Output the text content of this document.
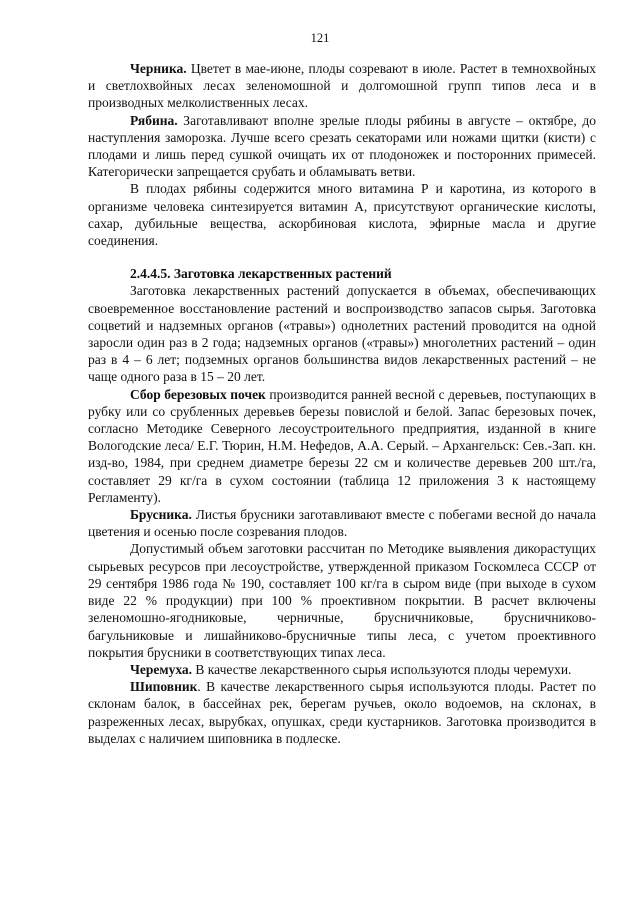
121

Черника. Цветет в мае-июне, плоды созревают в июле. Растет в темнохвойных и светлохвойных лесах зеленомошной и долгомошной групп типов леса и в производных мелколиственных лесах.

Рябина. Заготавливают вполне зрелые плоды рябины в августе – октябре, до наступления заморозка. Лучше всего срезать секаторами или ножами щитки (кисти) с плодами и лишь перед сушкой очищать их от плодоножек и посторонних примесей. Категорически запрещается срубать и обламывать ветви.

В плодах рябины содержится много витамина Р и каротина, из которого в организме человека синтезируется витамин А, присутствуют органические кислоты, сахар, дубильные вещества, аскорбиновая кислота, эфирные масла и другие соединения.

2.4.4.5. Заготовка лекарственных растений

Заготовка лекарственных растений допускается в объемах, обеспечивающих своевременное восстановление растений и воспроизводство запасов сырья. Заготовка соцветий и надземных органов («травы») однолетних растений проводится на одной заросли один раз в 2 года; надземных органов («травы») многолетних растений – один раз в 4 – 6 лет; подземных органов большинства видов лекарственных растений – не чаще одного раза в 15 – 20 лет.

Сбор березовых почек производится ранней весной с деревьев, поступающих в рубку или со срубленных деревьев березы повислой и белой. Запас березовых почек, согласно Методике Северного лесоустроительного предприятия, изданной в книге Вологодские леса/ Е.Г. Тюрин, Н.М. Нефедов, А.А. Серый. – Архангельск: Сев.-Зап. кн. изд-во, 1984, при среднем диаметре березы 22 см и количестве деревьев 200 шт./га, составляет 29 кг/га в сухом состоянии (таблица 12 приложения 3 к настоящему Регламенту).

Брусника. Листья брусники заготавливают вместе с побегами весной до начала цветения и осенью после созревания плодов.

Допустимый объем заготовки рассчитан по Методике выявления дикорастущих сырьевых ресурсов при лесоустройстве, утвержденной приказом Госкомлеса СССР от 29 сентября 1986 года № 190, составляет 100 кг/га в сыром виде (при выходе в сухом виде 22 % продукции) при 100 % проективном покрытии. В расчет включены зеленомошно-ягодниковые, черничные, брусничниковые, брусничниково-багульниковые и лишайниково-брусничные типы леса, с учетом проективного покрытия брусники в соответствующих типах леса.

Черемуха. В качестве лекарственного сырья используются плоды черемухи.

Шиповник. В качестве лекарственного сырья используются плоды. Растет по склонам балок, в бассейнах рек, берегам ручьев, около водоемов, на склонах, в разреженных лесах, вырубках, опушках, среди кустарников. Заготовка производится в выделах с наличием шиповника в подлеске.
